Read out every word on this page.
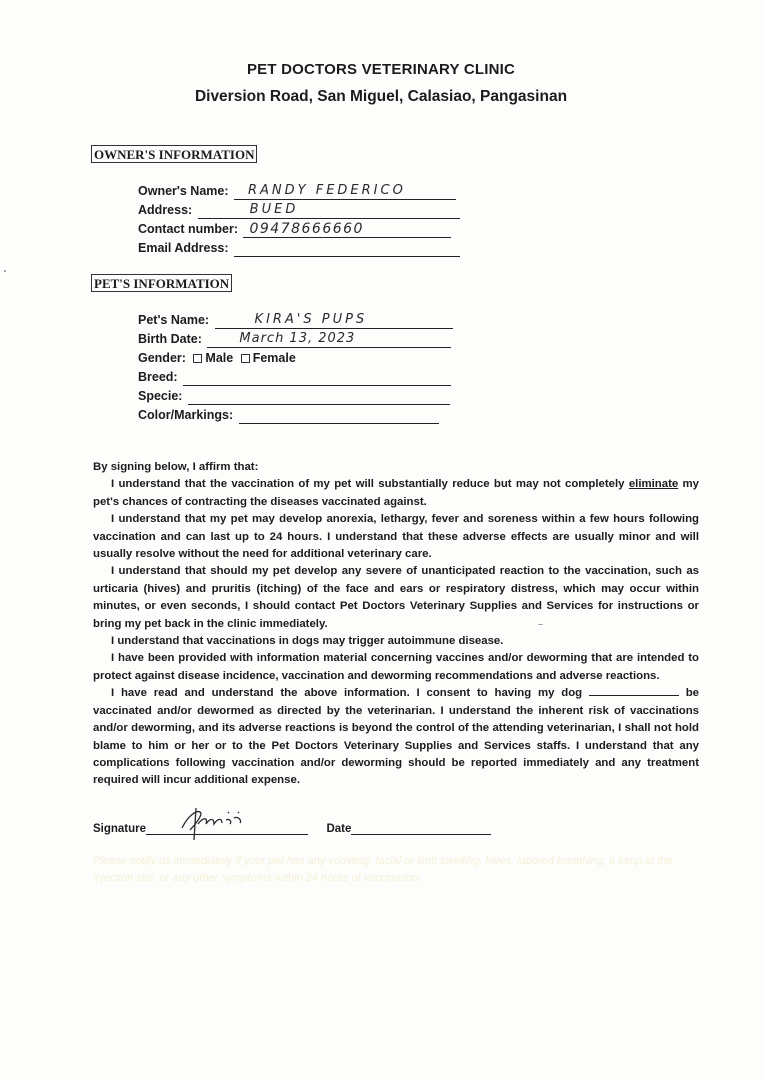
PET DOCTORS VETERINARY CLINIC
Diversion Road, San Miguel, Calasiao, Pangasinan
OWNER'S INFORMATION
Owner's Name: RANDY FEDERICO
Address:	BUED
Contact number: 09478666660
Email Address:
PET'S INFORMATION
Pet's Name:	KIRA'S PUPS
Birth Date:	March 13, 2023
Gender: Male Female
Breed:
Specie:
Color/Markings:

By signing below, I affirm that:

I understand that the vaccination of my pet will substantially reduce but may not completely eliminate my pet's chances of contracting the diseases vaccinated against.

I understand that my pet may develop anorexia, lethargy, fever and soreness within a few hours following vaccination and can last up to 24 hours. I understand that these adverse effects are usually minor and will usually resolve without the need for additional veterinary care.

I understand that should my pet develop any severe of unanticipated reaction to the vaccination, such as urticaria (hives) and pruritis (itching) of the face and ears or respiratory distress, which may occur within minutes, or even seconds, I should contact Pet Doctors Veterinary Supplies and Services for instructions or bring my pet back in the clinic immediately.

I understand that vaccinations in dogs may trigger autoimmune disease.

I have been provided with information material concerning vaccines and/or deworming that are intended to protect against disease incidence, vaccination and deworming recommendations and adverse reactions.

I have read and understand the above information. I consent to having my dog	be vaccinated and/or dewormed as directed by the veterinarian. I understand the inherent risk of vaccinations and/or deworming, and its adverse reactions is beyond the control of the attending veterinarian, I shall not hold blame to him or her or to the Pet Doctors Veterinary Supplies and Services staffs. I understand that any complications following vaccination and/or deworming should be reported immediately and any treatment required will incur additional expense.

Signature	Date
Please notify us immediately if your pet has any vomiting, facial or limb swelling, hives, labored breathing, a lump at the injection site, or any other symptoms within 24 hours of vaccination.
